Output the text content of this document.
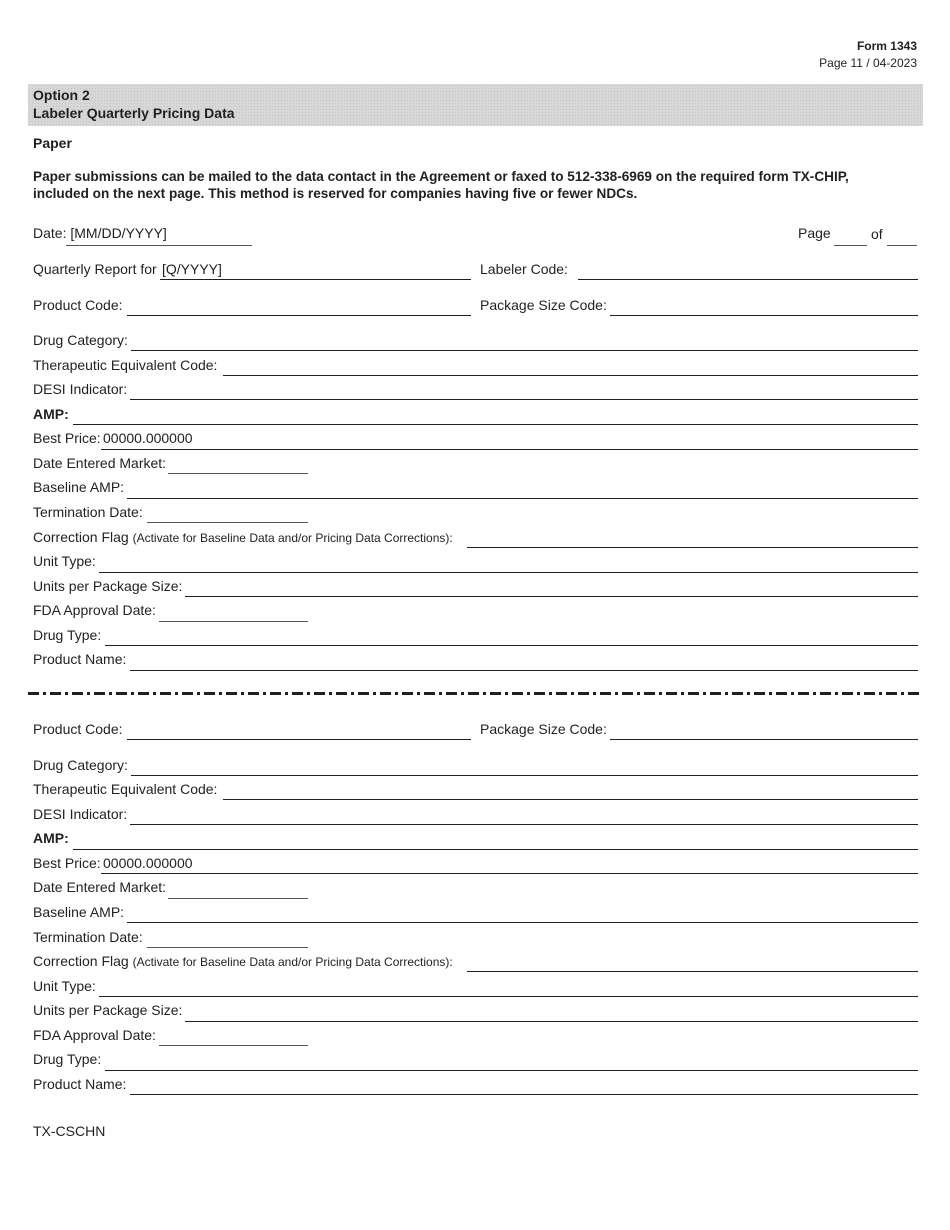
Form 1343
Page 11 / 04-2023
Option 2
Labeler Quarterly Pricing Data
Paper
Paper submissions can be mailed to the data contact in the Agreement or faxed to 512-338-6969 on the required form TX-CHIP,
included on the next page. This method is reserved for companies having five or fewer NDCs.
Date: [MM/DD/YYYY]	Page	of
Quarterly Report for [Q/YYYY]	Labeler Code:
Product Code:	Package Size Code:
Drug Category:
Therapeutic Equivalent Code:
DESI Indicator:
AMP:
Best Price: 00000.000000
Date Entered Market:
Baseline AMP:
Termination Date:
Correction Flag (Activate for Baseline Data and/or Pricing Data Corrections):
Unit Type:
Units per Package Size:
FDA Approval Date:
Drug Type:
Product Name:
Product Code:	Package Size Code:
Drug Category:
Therapeutic Equivalent Code:
DESI Indicator:
AMP:
Best Price: 00000.000000
Date Entered Market:
Baseline AMP:
Termination Date:
Correction Flag (Activate for Baseline Data and/or Pricing Data Corrections):
Unit Type:
Units per Package Size:
FDA Approval Date:
Drug Type:
Product Name:
TX-CSCHN
